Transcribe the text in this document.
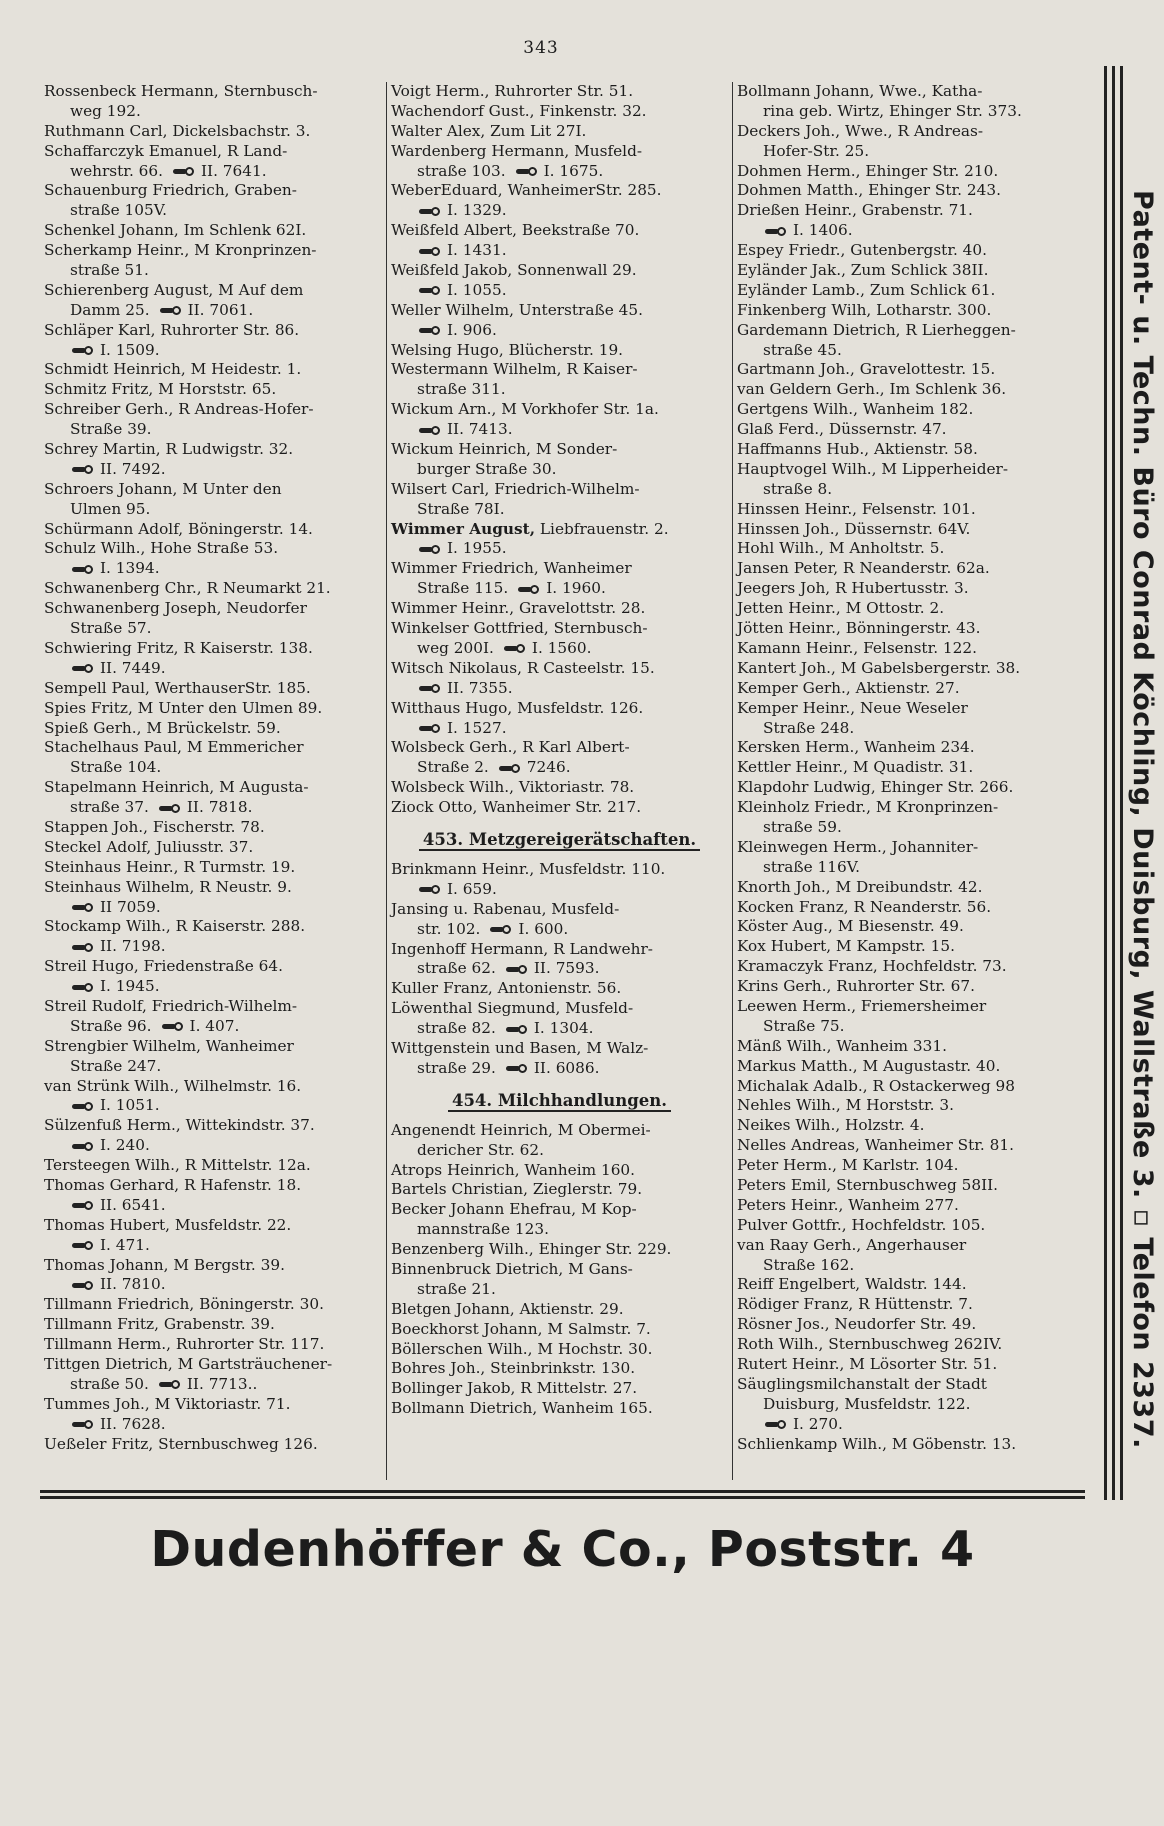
343
Rossenbeck Hermann, Sternbusch-
weg 192.
Ruthmann Carl, Dickelsbachstr. 3.
Schaffarczyk Emanuel, R Land-
wehrstr. 66. II. 7641.
Schauenburg Friedrich, Graben-
straße 105V.
Schenkel Johann, Im Schlenk 62I.
Scherkamp Heinr., M Kronprinzen-
straße 51.
Schierenberg August, M Auf dem
Damm 25. II. 7061.
Schläper Karl, Ruhrorter Str. 86.
I. 1509.
Schmidt Heinrich, M Heidestr. 1.
Schmitz Fritz, M Horststr. 65.
Schreiber Gerh., R Andreas-Hofer-
Straße 39.
Schrey Martin, R Ludwigstr. 32.
II. 7492.
Schroers Johann, M Unter den
Ulmen 95.
Schürmann Adolf, Böningerstr. 14.
Schulz Wilh., Hohe Straße 53.
I. 1394.
Schwanenberg Chr., R Neumarkt 21.
Schwanenberg Joseph, Neudorfer
Straße 57.
Schwiering Fritz, R Kaiserstr. 138.
II. 7449.
Sempell Paul, WerthauserStr. 185.
Spies Fritz, M Unter den Ulmen 89.
Spieß Gerh., M Brückelstr. 59.
Stachelhaus Paul, M Emmericher
Straße 104.
Stapelmann Heinrich, M Augusta-
straße 37. II. 7818.
Stappen Joh., Fischerstr. 78.
Steckel Adolf, Juliusstr. 37.
Steinhaus Heinr., R Turmstr. 19.
Steinhaus Wilhelm, R Neustr. 9.
II 7059.
Stockamp Wilh., R Kaiserstr. 288.
II. 7198.
Streil Hugo, Friedenstraße 64.
I. 1945.
Streil Rudolf, Friedrich-Wilhelm-
Straße 96. I. 407.
Strengbier Wilhelm, Wanheimer
Straße 247.
van Strünk Wilh., Wilhelmstr. 16.
I. 1051.
Sülzenfuß Herm., Wittekindstr. 37.
I. 240.
Tersteegen Wilh., R Mittelstr. 12a.
Thomas Gerhard, R Hafenstr. 18.
II. 6541.
Thomas Hubert, Musfeldstr. 22.
I. 471.
Thomas Johann, M Bergstr. 39.
II. 7810.
Tillmann Friedrich, Böningerstr. 30.
Tillmann Fritz, Grabenstr. 39.
Tillmann Herm., Ruhrorter Str. 117.
Tittgen Dietrich, M Gartsträuchener-
straße 50. II. 7713..
Tummes Joh., M Viktoriastr. 71.
II. 7628.
Ueßeler Fritz, Sternbuschweg 126.
Voigt Herm., Ruhrorter Str. 51.
Wachendorf Gust., Finkenstr. 32.
Walter Alex, Zum Lit 27I.
Wardenberg Hermann, Musfeld-
straße 103. I. 1675.
WeberEduard, WanheimerStr. 285.
I. 1329.
Weißfeld Albert, Beekstraße 70.
I. 1431.
Weißfeld Jakob, Sonnenwall 29.
I. 1055.
Weller Wilhelm, Unterstraße 45.
I. 906.
Welsing Hugo, Blücherstr. 19.
Westermann Wilhelm, R Kaiser-
straße 311.
Wickum Arn., M Vorkhofer Str. 1a.
II. 7413.
Wickum Heinrich, M Sonder-
burger Straße 30.
Wilsert Carl, Friedrich-Wilhelm-
Straße 78I.
Wimmer August, Liebfrauenstr. 2.
I. 1955.
Wimmer Friedrich, Wanheimer
Straße 115. I. 1960.
Wimmer Heinr., Gravelottstr. 28.
Winkelser Gottfried, Sternbusch-
weg 200I. I. 1560.
Witsch Nikolaus, R Casteelstr. 15.
II. 7355.
Witthaus Hugo, Musfeldstr. 126.
I. 1527.
Wolsbeck Gerh., R Karl Albert-
Straße 2. 7246.
Wolsbeck Wilh., Viktoriastr. 78.
Ziock Otto, Wanheimer Str. 217.
453. Metzgereigerätschaften.
Brinkmann Heinr., Musfeldstr. 110.
I. 659.
Jansing u. Rabenau, Musfeld-
str. 102. I. 600.
Ingenhoff Hermann, R Landwehr-
straße 62. II. 7593.
Kuller Franz, Antonienstr. 56.
Löwenthal Siegmund, Musfeld-
straße 82. I. 1304.
Wittgenstein und Basen, M Walz-
straße 29. II. 6086.
454. Milchhandlungen.
Angenendt Heinrich, M Obermei-
dericher Str. 62.
Atrops Heinrich, Wanheim 160.
Bartels Christian, Zieglerstr. 79.
Becker Johann Ehefrau, M Kop-
mannstraße 123.
Benzenberg Wilh., Ehinger Str. 229.
Binnenbruck Dietrich, M Gans-
straße 21.
Bletgen Johann, Aktienstr. 29.
Boeckhorst Johann, M Salmstr. 7.
Böllerschen Wilh., M Hochstr. 30.
Bohres Joh., Steinbrinkstr. 130.
Bollinger Jakob, R Mittelstr. 27.
Bollmann Dietrich, Wanheim 165.
Bollmann Johann, Wwe., Katha-
rina geb. Wirtz, Ehinger Str. 373.
Deckers Joh., Wwe., R Andreas-
Hofer-Str. 25.
Dohmen Herm., Ehinger Str. 210.
Dohmen Matth., Ehinger Str. 243.
Drießen Heinr., Grabenstr. 71.
I. 1406.
Espey Friedr., Gutenbergstr. 40.
Eyländer Jak., Zum Schlick 38II.
Eyländer Lamb., Zum Schlick 61.
Finkenberg Wilh, Lotharstr. 300.
Gardemann Dietrich, R Lierheggen-
straße 45.
Gartmann Joh., Gravelottestr. 15.
van Geldern Gerh., Im Schlenk 36.
Gertgens Wilh., Wanheim 182.
Glaß Ferd., Düssernstr. 47.
Haffmanns Hub., Aktienstr. 58.
Hauptvogel Wilh., M Lipperheider-
straße 8.
Hinssen Heinr., Felsenstr. 101.
Hinssen Joh., Düssernstr. 64V.
Hohl Wilh., M Anholtstr. 5.
Jansen Peter, R Neanderstr. 62a.
Jeegers Joh, R Hubertusstr. 3.
Jetten Heinr., M Ottostr. 2.
Jötten Heinr., Bönningerstr. 43.
Kamann Heinr., Felsenstr. 122.
Kantert Joh., M Gabelsbergerstr. 38.
Kemper Gerh., Aktienstr. 27.
Kemper Heinr., Neue Weseler
Straße 248.
Kersken Herm., Wanheim 234.
Kettler Heinr., M Quadistr. 31.
Klapdohr Ludwig, Ehinger Str. 266.
Kleinholz Friedr., M Kronprinzen-
straße 59.
Kleinwegen Herm., Johanniter-
straße 116V.
Knorth Joh., M Dreibundstr. 42.
Kocken Franz, R Neanderstr. 56.
Köster Aug., M Biesenstr. 49.
Kox Hubert, M Kampstr. 15.
Kramaczyk Franz, Hochfeldstr. 73.
Krins Gerh., Ruhrorter Str. 67.
Leewen Herm., Friemersheimer
Straße 75.
Mänß Wilh., Wanheim 331.
Markus Matth., M Augustastr. 40.
Michalak Adalb., R Ostackerweg 98
Nehles Wilh., M Horststr. 3.
Neikes Wilh., Holzstr. 4.
Nelles Andreas, Wanheimer Str. 81.
Peter Herm., M Karlstr. 104.
Peters Emil, Sternbuschweg 58II.
Peters Heinr., Wanheim 277.
Pulver Gottfr., Hochfeldstr. 105.
van Raay Gerh., Angerhauser
Straße 162.
Reiff Engelbert, Waldstr. 144.
Rödiger Franz, R Hüttenstr. 7.
Rösner Jos., Neudorfer Str. 49.
Roth Wilh., Sternbuschweg 262IV.
Rutert Heinr., M Lösorter Str. 51.
Säuglingsmilchanstalt der Stadt
Duisburg, Musfeldstr. 122.
I. 270.
Schlienkamp Wilh., M Göbenstr. 13.	Patent- u. Techn. Büro Conrad Köchling, Duisburg, Wallstraße 3. ▫ Telefon 2337.
Dudenhöffer & Co., Poststr. 4
